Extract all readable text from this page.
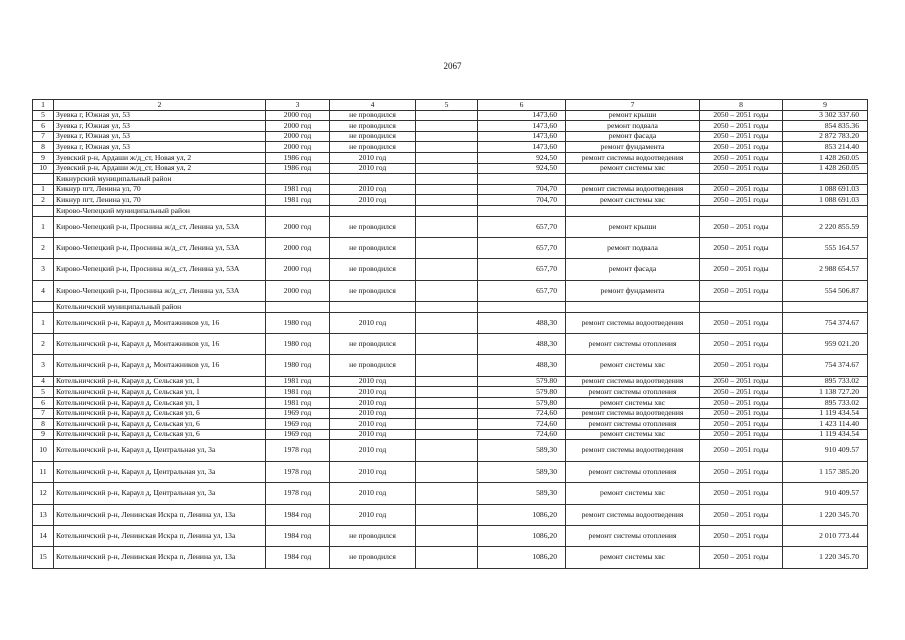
2067
1	2	3	4	5	6	7	8	9
5	Зуевка г, Южная ул, 53	2000 год	не проводился		1473,60	ремонт крыши	2050 – 2051 годы	3 302 337.60
6	Зуевка г, Южная ул, 53	2000 год	не проводился		1473,60	ремонт подвала	2050 – 2051 годы	854 835.36
7	Зуевка г, Южная ул, 53	2000 год	не проводился		1473,60	ремонт фасада	2050 – 2051 годы	2 872 783.20
8	Зуевка г, Южная ул, 53	2000 год	не проводился		1473,60	ремонт фундамента	2050 – 2051 годы	853 214.40
9	Зуевский р-н, Ардаши ж/д_ст, Новая ул, 2	1986 год	2010 год		924,50	ремонт системы водоотведения	2050 – 2051 годы	1 428 260.05
10	Зуевский р-н, Ардаши ж/д_ст, Новая ул, 2	1986 год	2010 год		924,50	ремонт системы хвс	2050 – 2051 годы	1 428 260.05
	Кикнурский муниципальный район							
1	Кикнур пгт, Ленина ул, 70	1981 год	2010 год		704,70	ремонт системы водоотведения	2050 – 2051 годы	1 088 691.03
2	Кикнур пгт, Ленина ул, 70	1981 год	2010 год		704,70	ремонт системы хвс	2050 – 2051 годы	1 088 691.03
	Кирово-Чепецкий муниципальный район							
1	Кирово-Чепецкий р-н, Проснина ж/д_ст, Ленина ул, 53А	2000 год	не проводился		657,70	ремонт крыши	2050 – 2051 годы	2 220 855.59
2	Кирово-Чепецкий р-н, Проснина ж/д_ст, Ленина ул, 53А	2000 год	не проводился		657,70	ремонт подвала	2050 – 2051 годы	555 164.57
3	Кирово-Чепецкий р-н, Проснина ж/д_ст, Ленина ул, 53А	2000 год	не проводился		657,70	ремонт фасада	2050 – 2051 годы	2 988 654.57
4	Кирово-Чепецкий р-н, Проснина ж/д_ст, Ленина ул, 53А	2000 год	не проводился		657,70	ремонт фундамента	2050 – 2051 годы	554 506.87
	Котельничский муниципальный район							
1	Котельничский р-н, Караул д, Монтажников ул, 16	1980 год	2010 год		488,30	ремонт системы водоотведения	2050 – 2051 годы	754 374.67
2	Котельничский р-н, Караул д, Монтажников ул, 16	1980 год	не проводился		488,30	ремонт системы отопления	2050 – 2051 годы	959 021.20
3	Котельничский р-н, Караул д, Монтажников ул, 16	1980 год	не проводился		488,30	ремонт системы хвс	2050 – 2051 годы	754 374.67
4	Котельничский р-н, Караул д, Сельская ул, 1	1981 год	2010 год		579.80	ремонт системы водоотведения	2050 – 2051 годы	895 733.02
5	Котельничский р-н, Караул д, Сельская ул, 1	1981 год	2010 год		579.80	ремонт системы отопления	2050 – 2051 годы	1 138 727.20
6	Котельничский р-н, Караул д, Сельская ул, 1	1981 год	2010 год		579,80	ремонт системы хвс	2050 – 2051 годы	895 733.02
7	Котельничский р-н, Караул д, Сельская ул, 6	1969 год	2010 год		724,60	ремонт системы водоотведения	2050 – 2051 годы	1 119 434.54
8	Котельничский р-н, Караул д, Сельская ул, 6	1969 год	2010 год		724,60	ремонт системы отопления	2050 – 2051 годы	1 423 114.40
9	Котельничский р-н, Караул д, Сельская ул, 6	1969 год	2010 год		724,60	ремонт системы хвс	2050 – 2051 годы	1 119 434.54
10	Котельничский р-н, Караул д, Центральная ул, 3а	1978 год	2010 год		589,30	ремонт системы водоотведения	2050 – 2051 годы	910 409.57
11	Котельничский р-н, Караул д, Центральная ул, 3а	1978 год	2010 год		589,30	ремонт системы отопления	2050 – 2051 годы	1 157 385.20
12	Котельничский р-н, Караул д, Центральная ул, 3а	1978 год	2010 год		589,30	ремонт системы хвс	2050 – 2051 годы	910 409.57
13	Котельничский р-н, Ленинская Искра п, Ленина ул, 13а	1984 год	2010 год		1086,20	ремонт системы водоотведения	2050 – 2051 годы	1 220 345.70
14	Котельничский р-н, Ленинская Искра п, Ленина ул, 13а	1984 год	не проводился		1086,20	ремонт системы отопления	2050 – 2051 годы	2 010 773.44
15	Котельничский р-н, Ленинская Искра п, Ленина ул, 13а	1984 год	не проводился		1086,20	ремонт системы хвс	2050 – 2051 годы	1 220 345.70
